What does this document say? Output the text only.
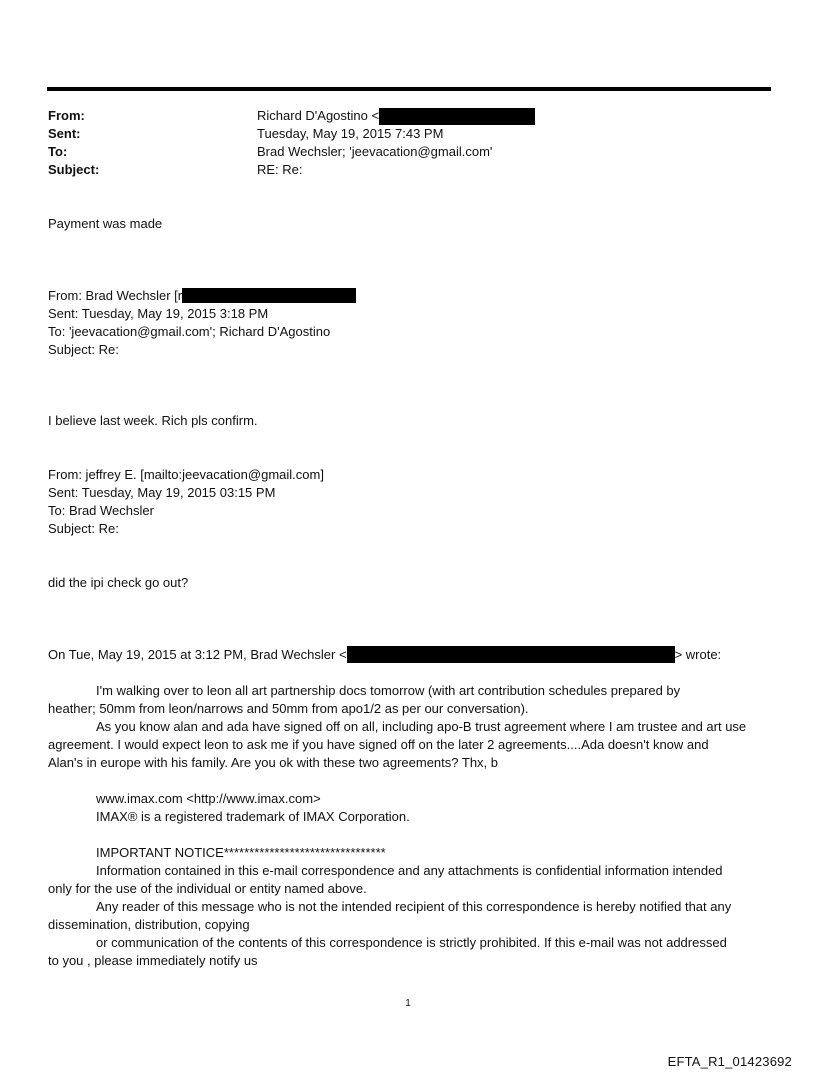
From:	Richard D'Agostino <
Sent:	Tuesday, May 19, 2015 7:43 PM
To:	Brad Wechsler; 'jeevacation@gmail.com'
Subject:	RE: Re:
Payment was made
From: Brad Wechsler [r
Sent: Tuesday, May 19, 2015 3:18 PM
To: 'jeevacation@gmail.com'; Richard D'Agostino
Subject: Re:
I believe last week. Rich pls confirm.
From: jeffrey E. [mailto:jeevacation@gmail.com]
Sent: Tuesday, May 19, 2015 03:15 PM
To: Brad Wechsler
Subject: Re:
did the ipi check go out?
On Tue, May 19, 2015 at 3:12 PM, Brad Wechsler <	> wrote:
I'm walking over to leon all art partnership docs tomorrow (with art contribution schedules prepared by
heather; 50mm from leon/narrows and 50mm from apo1/2 as per our conversation).
As you know alan and ada have signed off on all, including apo-B trust agreement where I am trustee and art use
agreement. I would expect leon to ask me if you have signed off on the later 2 agreements....Ada doesn't know and
Alan's in europe with his family. Are you ok with these two agreements? Thx, b
www.imax.com <http://www.imax.com>
IMAX® is a registered trademark of IMAX Corporation.
IMPORTANT NOTICE********************************
Information contained in this e-mail correspondence and any attachments is confidential information intended
only for the use of the individual or entity named above.
Any reader of this message who is not the intended recipient of this correspondence is hereby notified that any
dissemination, distribution, copying
or communication of the contents of this correspondence is strictly prohibited. If this e-mail was not addressed
to you , please immediately notify us
1
EFTA_R1_01423692
